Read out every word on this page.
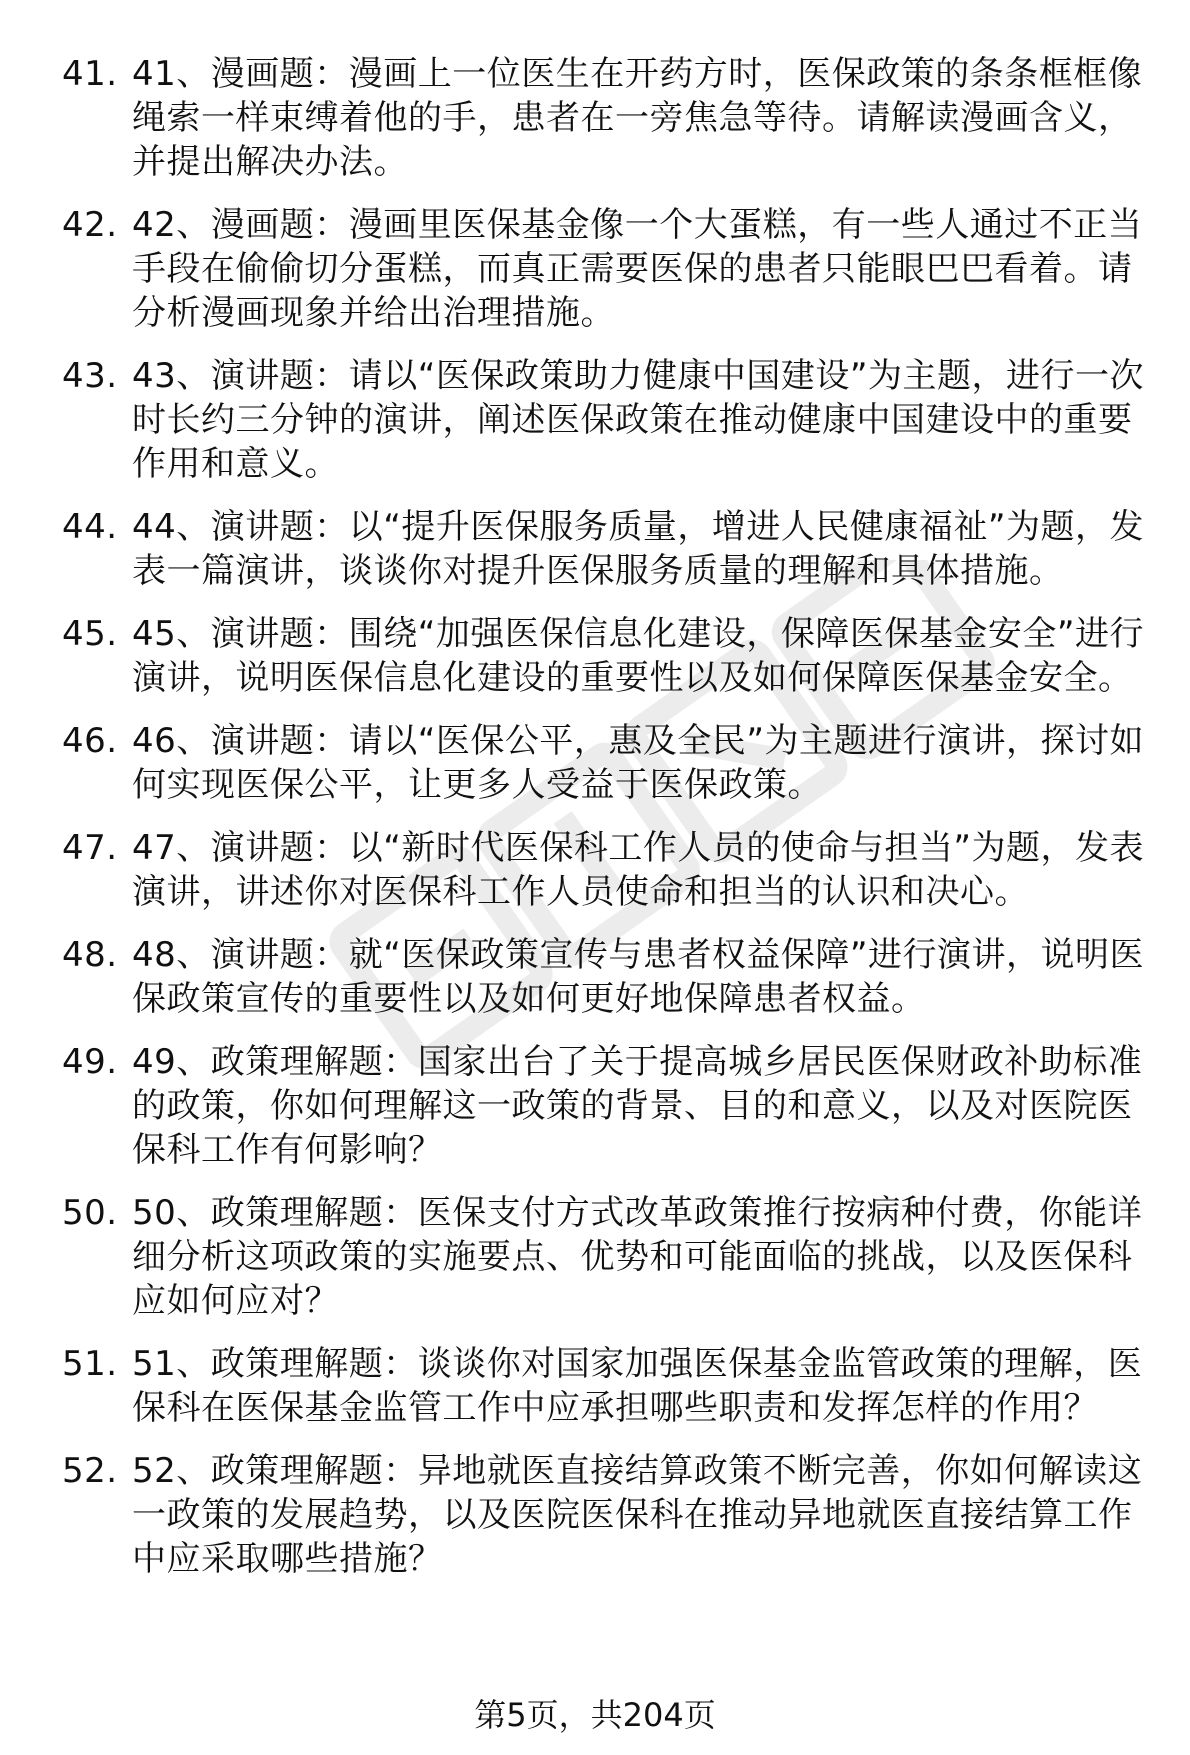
41. 41、漫画题：漫画上一位医生在开药方时，医保政策的条条框框像绳索一样束缚着他的手，患者在一旁焦急等待。请解读漫画含义，并提出解决办法。
42. 42、漫画题：漫画里医保基金像一个大蛋糕，有一些人通过不正当手段在偷偷切分蛋糕，而真正需要医保的患者只能眼巴巴看着。请分析漫画现象并给出治理措施。
43. 43、演讲题：请以“医保政策助力健康中国建设”为主题，进行一次时长约三分钟的演讲，阐述医保政策在推动健康中国建设中的重要作用和意义。
44. 44、演讲题：以“提升医保服务质量，增进人民健康福祉”为题，发表一篇演讲，谈谈你对提升医保服务质量的理解和具体措施。
45. 45、演讲题：围绕“加强医保信息化建设，保障医保基金安全”进行演讲，说明医保信息化建设的重要性以及如何保障医保基金安全。
46. 46、演讲题：请以“医保公平，惠及全民”为主题进行演讲，探讨如何实现医保公平，让更多人受益于医保政策。
47. 47、演讲题：以“新时代医保科工作人员的使命与担当”为题，发表演讲，讲述你对医保科工作人员使命和担当的认识和决心。
48. 48、演讲题：就“医保政策宣传与患者权益保障”进行演讲，说明医保政策宣传的重要性以及如何更好地保障患者权益。
49. 49、政策理解题：国家出台了关于提高城乡居民医保财政补助标准的政策，你如何理解这一政策的背景、目的和意义，以及对医院医保科工作有何影响？
50. 50、政策理解题：医保支付方式改革政策推行按病种付费，你能详细分析这项政策的实施要点、优势和可能面临的挑战，以及医保科应如何应对？
51. 51、政策理解题：谈谈你对国家加强医保基金监管政策的理解，医保科在医保基金监管工作中应承担哪些职责和发挥怎样的作用？
52. 52、政策理解题：异地就医直接结算政策不断完善，你如何解读这一政策的发展趋势，以及医院医保科在推动异地就医直接结算工作中应采取哪些措施？
第5页，共204页
